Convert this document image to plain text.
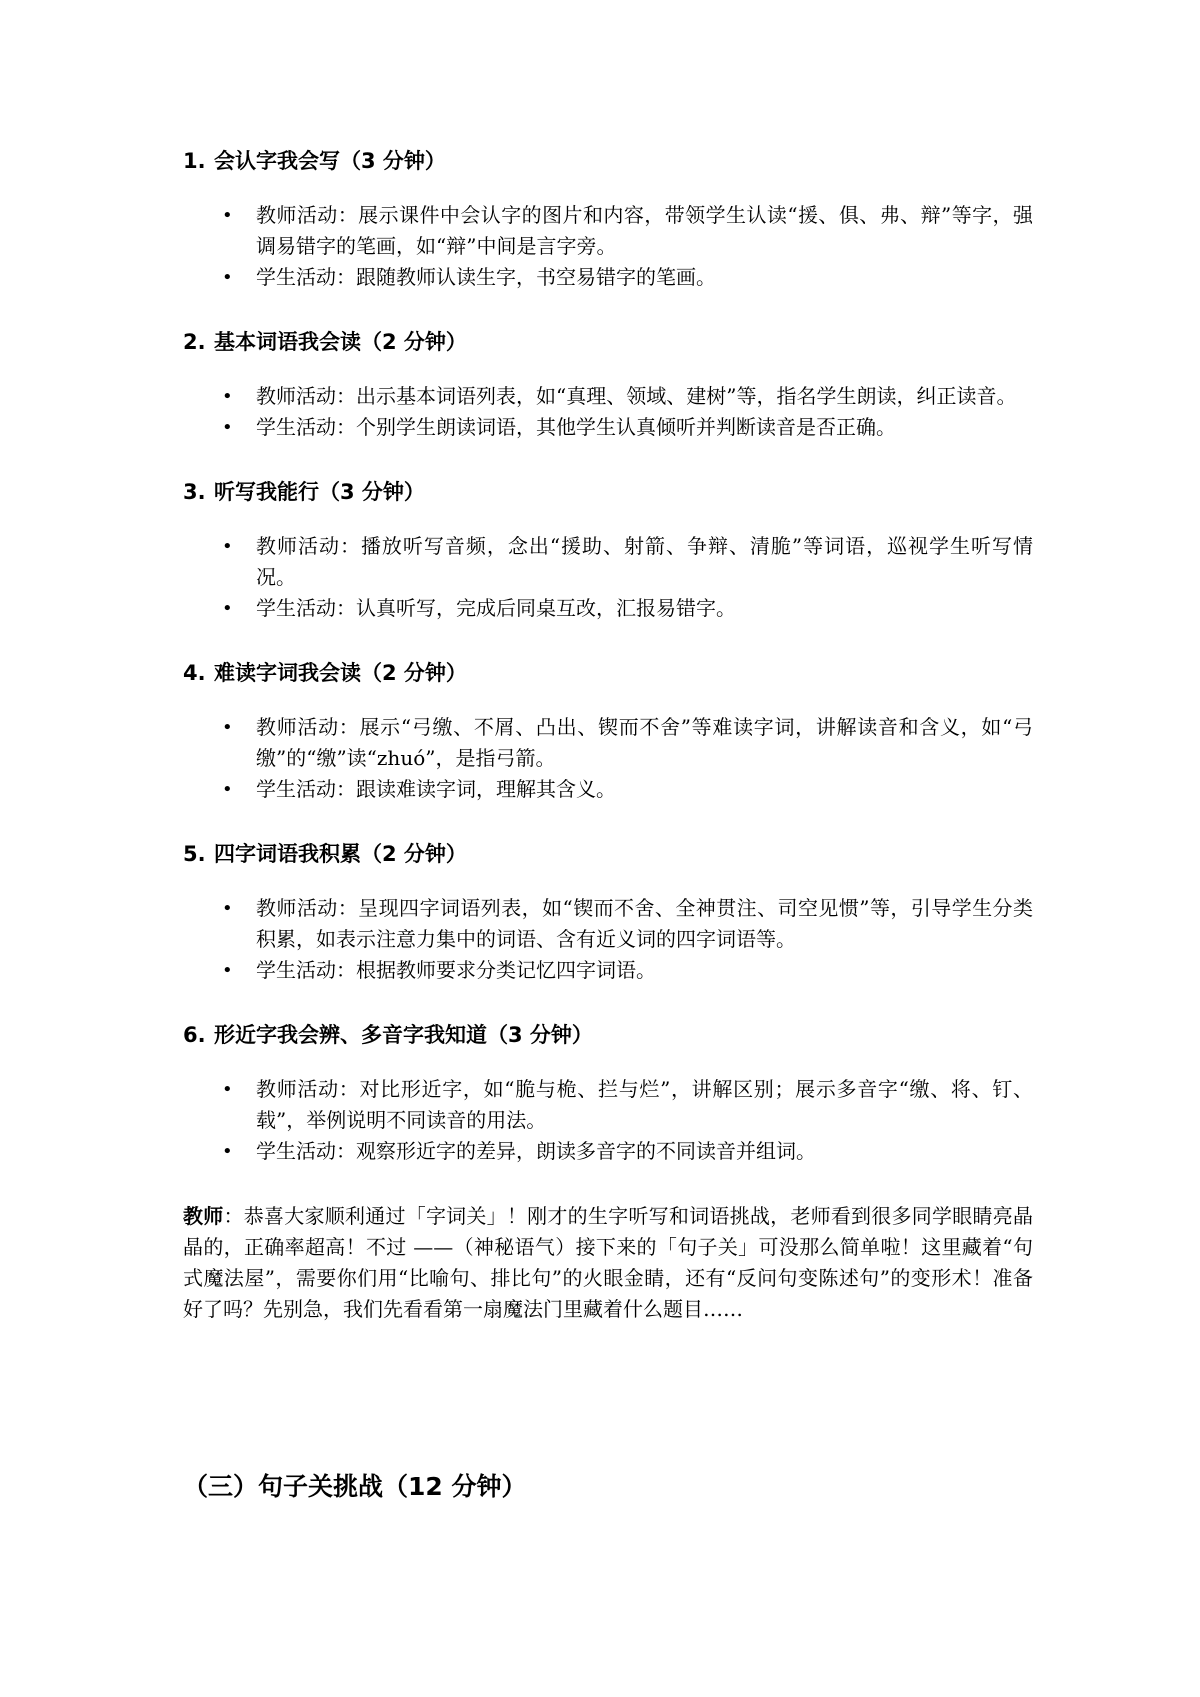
1. 会认字我会写（3 分钟）
• 教师活动：展示课件中会认字的图片和内容，带领学生认读“援、俱、弗、辩”等字，强调易错字的笔画，如“辩”中间是言字旁。
• 学生活动：跟随教师认读生字，书空易错字的笔画。
2. 基本词语我会读（2 分钟）
• 教师活动：出示基本词语列表，如“真理、领域、建树”等，指名学生朗读，纠正读音。
• 学生活动：个别学生朗读词语，其他学生认真倾听并判断读音是否正确。
3. 听写我能行（3 分钟）
• 教师活动：播放听写音频，念出“援助、射箭、争辩、清脆”等词语，巡视学生听写情况。
• 学生活动：认真听写，完成后同桌互改，汇报易错字。
4. 难读字词我会读（2 分钟）
• 教师活动：展示“弓缴、不屑、凸出、锲而不舍”等难读字词，讲解读音和含义，如“弓缴”的“缴”读“zhuó”，是指弓箭。
• 学生活动：跟读难读字词，理解其含义。
5. 四字词语我积累（2 分钟）
• 教师活动：呈现四字词语列表，如“锲而不舍、全神贯注、司空见惯”等，引导学生分类积累，如表示注意力集中的词语、含有近义词的四字词语等。
• 学生活动：根据教师要求分类记忆四字词语。
6. 形近字我会辨、多音字我知道（3 分钟）
• 教师活动：对比形近字，如“脆与桅、拦与烂”，讲解区别；展示多音字“缴、将、钉、载”，举例说明不同读音的用法。
• 学生活动：观察形近字的差异，朗读多音字的不同读音并组词。

教师：恭喜大家顺利通过「字词关」！刚才的生字听写和词语挑战，老师看到很多同学眼睛亮晶晶的，正确率超高！不过 ——（神秘语气）接下来的「句子关」可没那么简单啦！这里藏着“句式魔法屋”，需要你们用“比喻句、排比句”的火眼金睛，还有“反问句变陈述句”的变形术！准备好了吗？先别急，我们先看看第一扇魔法门里藏着什么题目……

（三）句子关挑战（12 分钟）
